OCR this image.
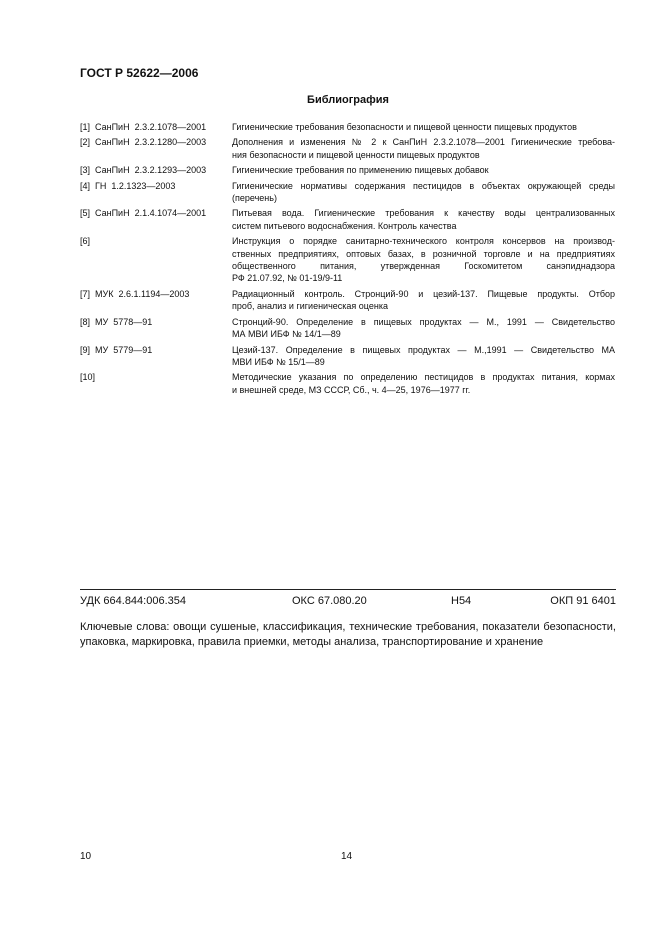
ГОСТ Р 52622—2006
Библиография
[1]  СанПиН  2.3.2.1078—2001	Гигиенические требования безопасности и пищевой ценности пищевых продуктов
[2]  СанПиН  2.3.2.1280—2003	Дополнения и изменения № 2 к СанПиН 2.3.2.1078—2001 Гигиенические требова-
ния безопасности и пищевой ценности пищевых продуктов
[3]  СанПиН  2.3.2.1293—2003	Гигиенические требования по применению пищевых добавок
[4]  ГН  1.2.1323—2003	Гигиенические нормативы содержания пестицидов в объектах окружающей среды
(перечень)
[5]  СанПиН  2.1.4.1074—2001	Питьевая вода. Гигиенические требования к качеству воды централизованных
систем питьевого водоснабжения. Контроль качества
[6]	Инструкция о порядке санитарно-технического контроля консервов на производ-
ственных предприятиях, оптовых базах, в розничной торговле и на предприятиях
общественного питания, утвержденная Госкомитетом санэпиднадзора
РФ 21.07.92, № 01-19/9-11
[7]  МУК  2.6.1.1194—2003	Радиационный контроль. Стронций-90 и цезий-137. Пищевые продукты. Отбор
проб, анализ и гигиеническая оценка
[8]  МУ  5778—91	Стронций-90. Определение в пищевых продуктах — М., 1991 — Свидетельство
МА МВИ ИБФ № 14/1—89
[9]  МУ  5779—91	Цезий-137. Определение в пищевых продуктах — М.,1991 — Свидетельство МА
МВИ ИБФ № 15/1—89
[10]	Методические указания по определению пестицидов в продуктах питания, кормах
и внешней среде, МЗ СССР, Сб., ч. 4—25, 1976—1977 гг.
УДК 664.844:006.354	ОКС 67.080.20	Н54	ОКП 91 6401
Ключевые слова: овощи сушеные, классификация, технические требования, показатели безопасности,
упаковка, маркировка, правила приемки, методы анализа, транспортирование и хранение
10	14
